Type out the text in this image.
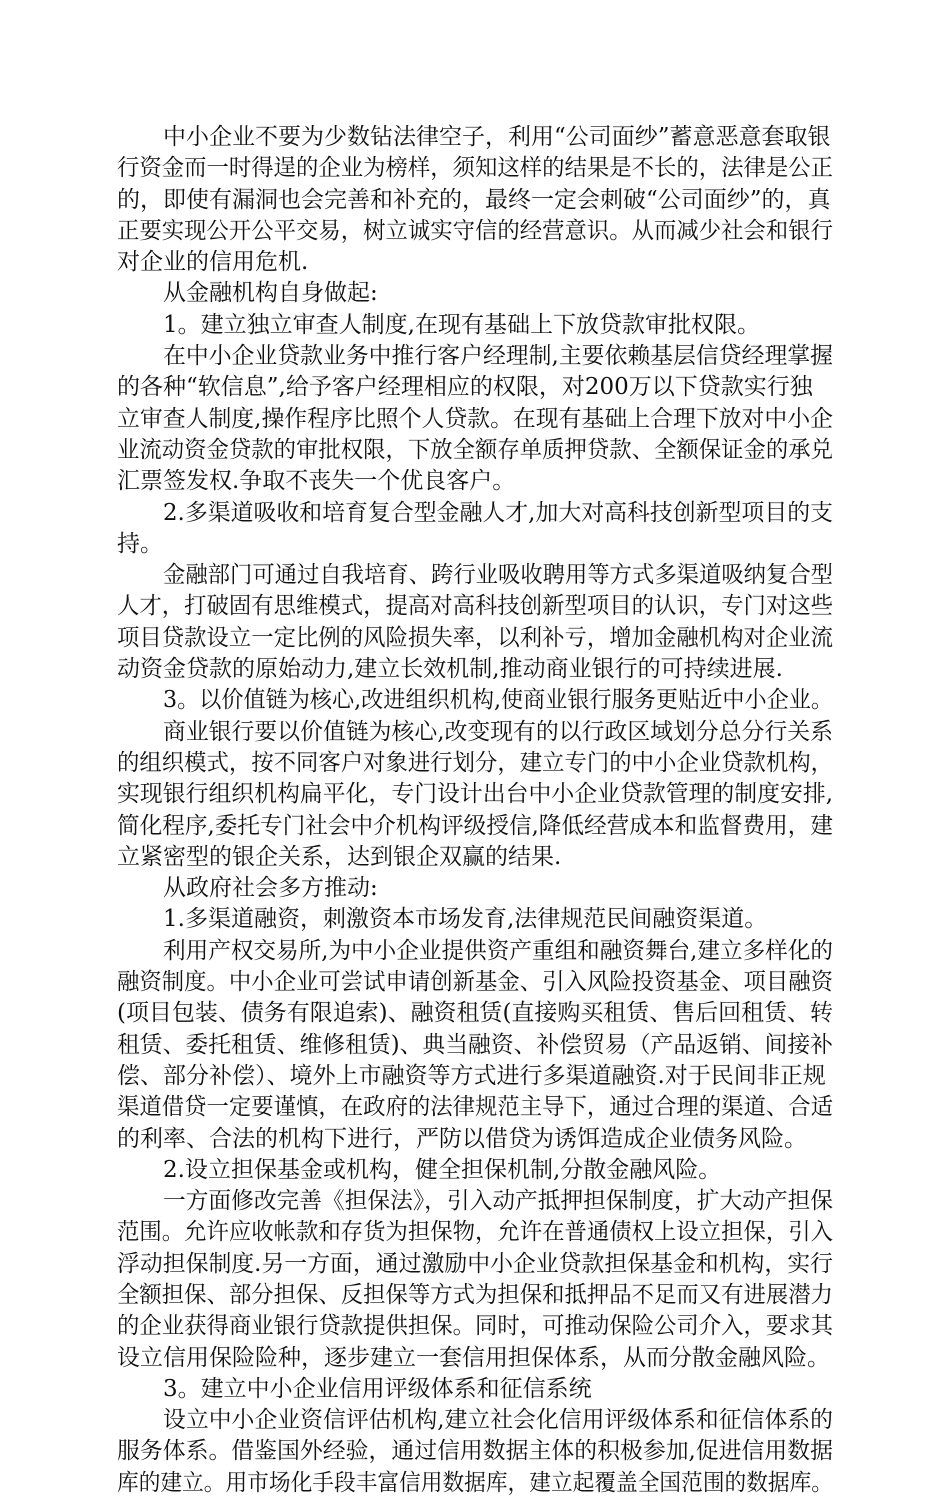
中小企业不要为少数钻法律空子，利用“公司面纱”蓄意恶意套取银
行资金而一时得逞的企业为榜样，须知这样的结果是不长的，法律是公正
的，即使有漏洞也会完善和补充的，最终一定会刺破“公司面纱”的，真
正要实现公开公平交易，树立诚实守信的经营意识。从而减少社会和银行
对企业的信用危机.
从金融机构自身做起:
1。建立独立审查人制度,在现有基础上下放贷款审批权限。
在中小企业贷款业务中推行客户经理制,主要依赖基层信贷经理掌握
的各种“软信息”,给予客户经理相应的权限，对200万以下贷款实行独
立审查人制度,操作程序比照个人贷款。在现有基础上合理下放对中小企
业流动资金贷款的审批权限，下放全额存单质押贷款、全额保证金的承兑
汇票签发权.争取不丧失一个优良客户。
2.多渠道吸收和培育复合型金融人才,加大对高科技创新型项目的支
持。
金融部门可通过自我培育、跨行业吸收聘用等方式多渠道吸纳复合型
人才，打破固有思维模式，提高对高科技创新型项目的认识，专门对这些
项目贷款设立一定比例的风险损失率，以利补亏，增加金融机构对企业流
动资金贷款的原始动力,建立长效机制,推动商业银行的可持续进展.
3。以价值链为核心,改进组织机构,使商业银行服务更贴近中小企业。
商业银行要以价值链为核心,改变现有的以行政区域划分总分行关系
的组织模式，按不同客户对象进行划分，建立专门的中小企业贷款机构，
实现银行组织机构扁平化，专门设计出台中小企业贷款管理的制度安排,
简化程序,委托专门社会中介机构评级授信,降低经营成本和监督费用，建
立紧密型的银企关系，达到银企双赢的结果.
从政府社会多方推动:
1.多渠道融资，刺激资本市场发育,法律规范民间融资渠道。
利用产权交易所,为中小企业提供资产重组和融资舞台,建立多样化的
融资制度。中小企业可尝试申请创新基金、引入风险投资基金、项目融资
(项目包装、债务有限追索)、融资租赁(直接购买租赁、售后回租赁、转
租赁、委托租赁、维修租赁)、典当融资、补偿贸易（产品返销、间接补
偿、部分补偿）、境外上市融资等方式进行多渠道融资.对于民间非正规
渠道借贷一定要谨慎，在政府的法律规范主导下，通过合理的渠道、合适
的利率、合法的机构下进行，严防以借贷为诱饵造成企业债务风险。
2.设立担保基金或机构，健全担保机制,分散金融风险。
一方面修改完善《担保法》，引入动产抵押担保制度，扩大动产担保
范围。允许应收帐款和存货为担保物，允许在普通债权上设立担保，引入
浮动担保制度.另一方面，通过激励中小企业贷款担保基金和机构，实行
全额担保、部分担保、反担保等方式为担保和抵押品不足而又有进展潜力
的企业获得商业银行贷款提供担保。同时，可推动保险公司介入，要求其
设立信用保险险种，逐步建立一套信用担保体系，从而分散金融风险。
3。建立中小企业信用评级体系和征信系统
设立中小企业资信评估机构,建立社会化信用评级体系和征信体系的
服务体系。借鉴国外经验，通过信用数据主体的积极参加,促进信用数据
库的建立。用市场化手段丰富信用数据库，建立起覆盖全国范围的数据库。
